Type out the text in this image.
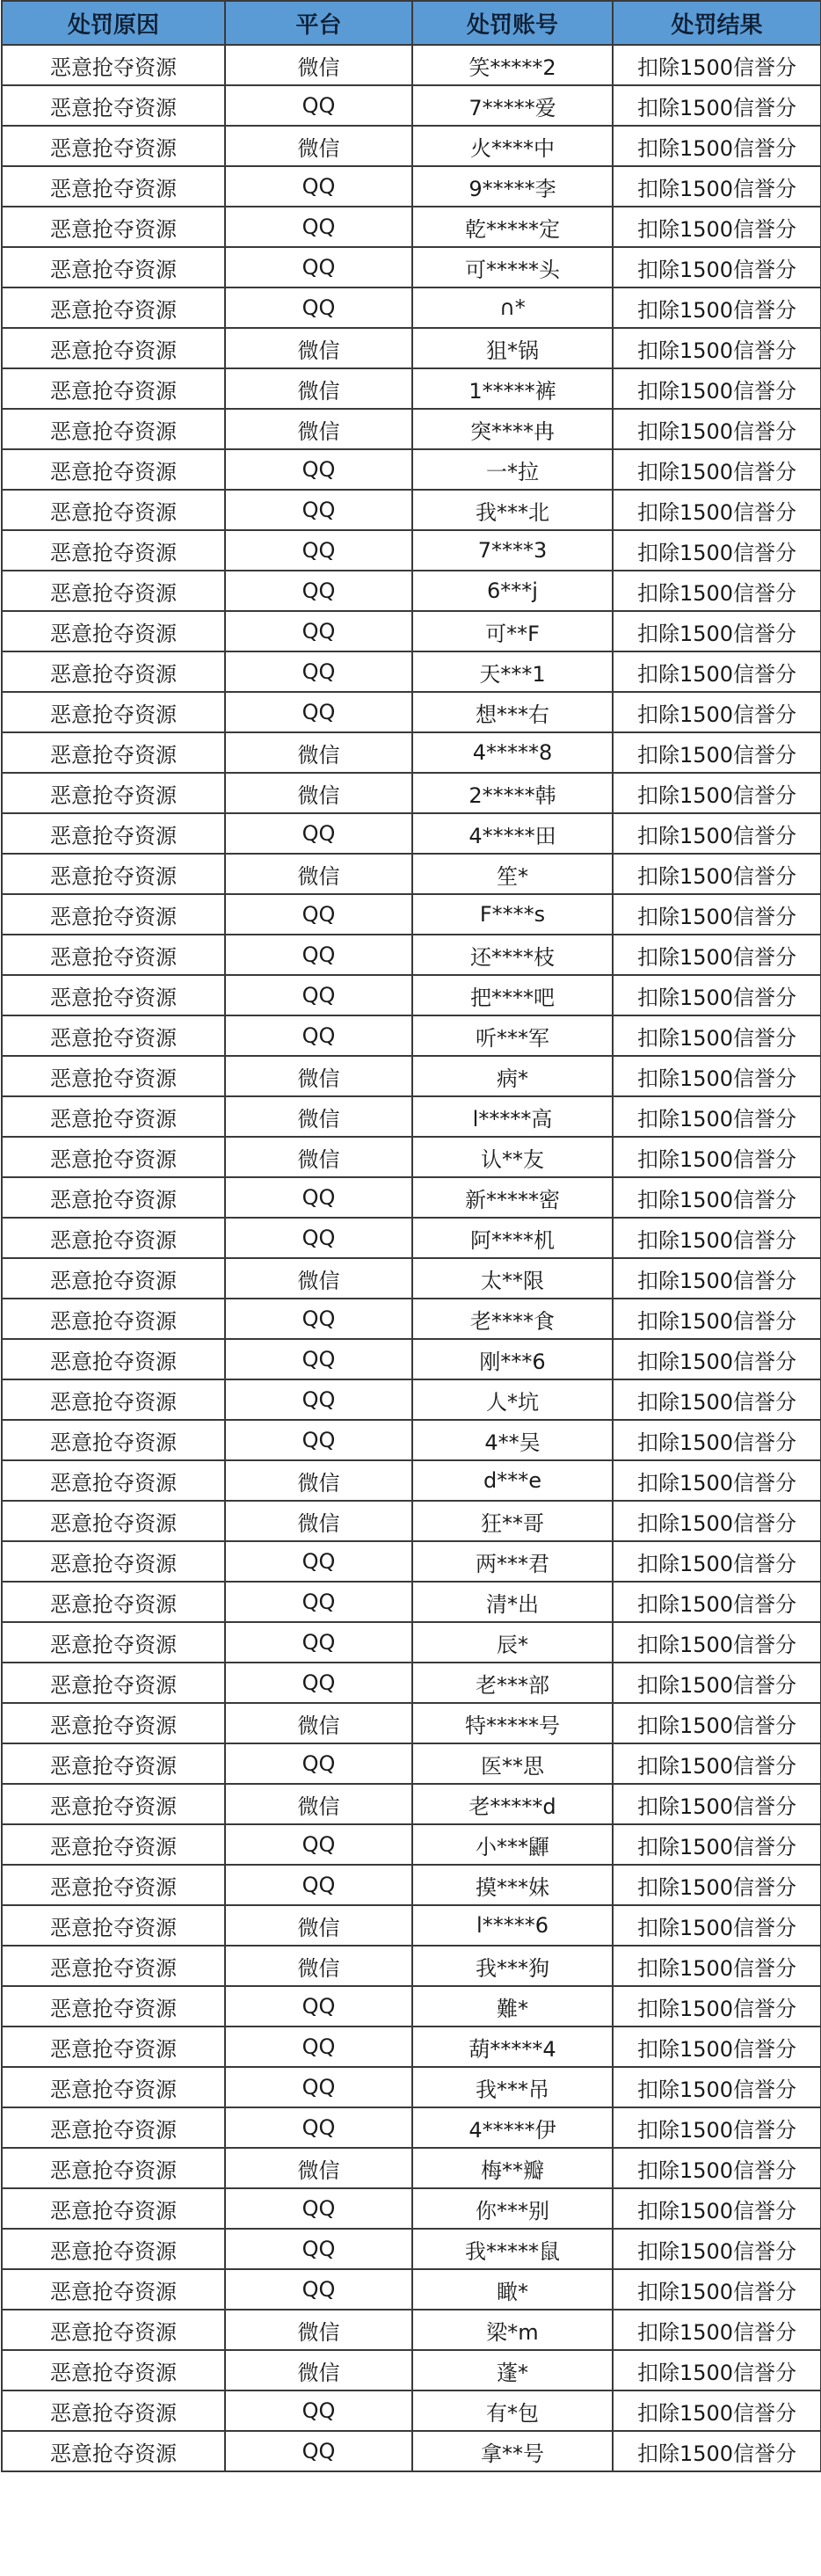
处罚原因	平台	处罚账号	处罚结果
恶意抢夺资源	微信	笑*****2	扣除1500信誉分
恶意抢夺资源	QQ	7*****爱	扣除1500信誉分
恶意抢夺资源	微信	火****中	扣除1500信誉分
恶意抢夺资源	QQ	9*****李	扣除1500信誉分
恶意抢夺资源	QQ	乾*****定	扣除1500信誉分
恶意抢夺资源	QQ	可*****头	扣除1500信誉分
恶意抢夺资源	QQ	∩*	扣除1500信誉分
恶意抢夺资源	微信	狙*锅	扣除1500信誉分
恶意抢夺资源	微信	1*****裤	扣除1500信誉分
恶意抢夺资源	微信	突****冉	扣除1500信誉分
恶意抢夺资源	QQ	一*拉	扣除1500信誉分
恶意抢夺资源	QQ	我***北	扣除1500信誉分
恶意抢夺资源	QQ	7****3	扣除1500信誉分
恶意抢夺资源	QQ	6***j	扣除1500信誉分
恶意抢夺资源	QQ	可**F	扣除1500信誉分
恶意抢夺资源	QQ	天***1	扣除1500信誉分
恶意抢夺资源	QQ	想***右	扣除1500信誉分
恶意抢夺资源	微信	4*****8	扣除1500信誉分
恶意抢夺资源	微信	2*****韩	扣除1500信誉分
恶意抢夺资源	QQ	4*****田	扣除1500信誉分
恶意抢夺资源	微信	笙*	扣除1500信誉分
恶意抢夺资源	QQ	F****s	扣除1500信誉分
恶意抢夺资源	QQ	还****枝	扣除1500信誉分
恶意抢夺资源	QQ	把****吧	扣除1500信誉分
恶意抢夺资源	QQ	听***军	扣除1500信誉分
恶意抢夺资源	微信	病*	扣除1500信誉分
恶意抢夺资源	微信	l*****高	扣除1500信誉分
恶意抢夺资源	微信	认**友	扣除1500信誉分
恶意抢夺资源	QQ	新*****密	扣除1500信誉分
恶意抢夺资源	QQ	阿****机	扣除1500信誉分
恶意抢夺资源	微信	太**限	扣除1500信誉分
恶意抢夺资源	QQ	老****食	扣除1500信誉分
恶意抢夺资源	QQ	刚***6	扣除1500信誉分
恶意抢夺资源	QQ	人*坑	扣除1500信誉分
恶意抢夺资源	QQ	4**吴	扣除1500信誉分
恶意抢夺资源	微信	d***e	扣除1500信誉分
恶意抢夺资源	微信	狂**哥	扣除1500信誉分
恶意抢夺资源	QQ	两***君	扣除1500信誉分
恶意抢夺资源	QQ	清*出	扣除1500信誉分
恶意抢夺资源	QQ	辰*	扣除1500信誉分
恶意抢夺资源	QQ	老***部	扣除1500信誉分
恶意抢夺资源	微信	特*****号	扣除1500信誉分
恶意抢夺资源	QQ	医**思	扣除1500信誉分
恶意抢夺资源	微信	老*****d	扣除1500信誉分
恶意抢夺资源	QQ	小***鼲	扣除1500信誉分
恶意抢夺资源	QQ	摸***妹	扣除1500信誉分
恶意抢夺资源	微信	l*****6	扣除1500信誉分
恶意抢夺资源	微信	我***狗	扣除1500信誉分
恶意抢夺资源	QQ	難*	扣除1500信誉分
恶意抢夺资源	QQ	葫*****4	扣除1500信誉分
恶意抢夺资源	QQ	我***吊	扣除1500信誉分
恶意抢夺资源	QQ	4*****伊	扣除1500信誉分
恶意抢夺资源	微信	梅**瓣	扣除1500信誉分
恶意抢夺资源	QQ	你***别	扣除1500信誉分
恶意抢夺资源	QQ	我*****鼠	扣除1500信誉分
恶意抢夺资源	QQ	瞰*	扣除1500信誉分
恶意抢夺资源	微信	梁*m	扣除1500信誉分
恶意抢夺资源	微信	蓬*	扣除1500信誉分
恶意抢夺资源	QQ	有*包	扣除1500信誉分
恶意抢夺资源	QQ	拿**号	扣除1500信誉分
